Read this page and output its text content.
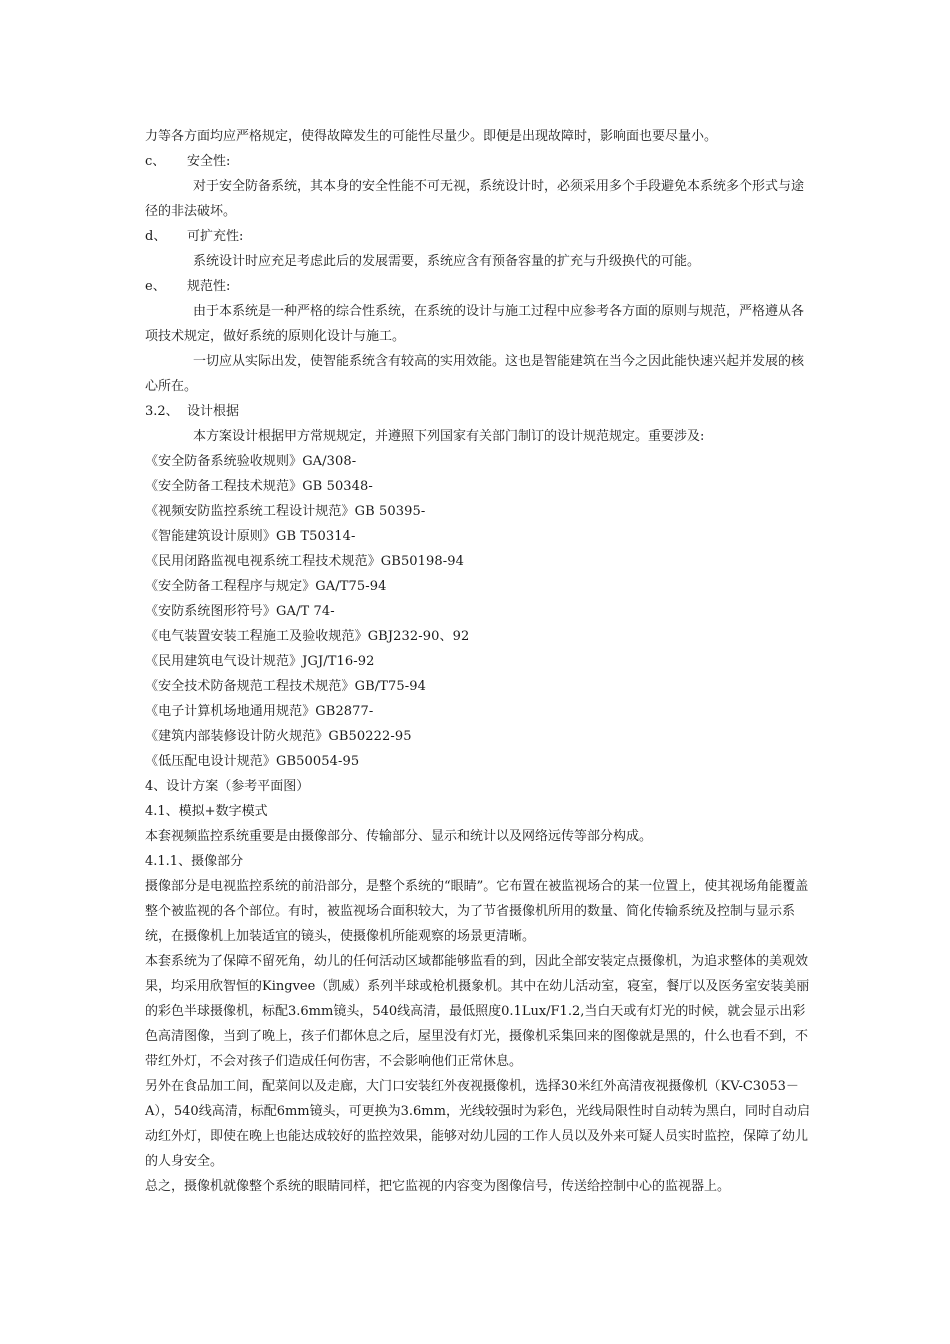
力等各方面均应严格规定，使得故障发生的可能性尽量少。即便是出现故障时，影响面也要尽量小。

c、 安全性:

对于安全防备系统，其本身的安全性能不可无视，系统设计时，必须采用多个手段避免本系统多个形式与途径的非法破坏。

d、 可扩充性:

系统设计时应充足考虑此后的发展需要，系统应含有预备容量的扩充与升级换代的可能。

e、 规范性:

由于本系统是一种严格的综合性系统，在系统的设计与施工过程中应参考各方面的原则与规范，严格遵从各项技术规定，做好系统的原则化设计与施工。

一切应从实际出发，使智能系统含有较高的实用效能。这也是智能建筑在当今之因此能快速兴起并发展的核心所在。

3.2、 设计根据

本方案设计根据甲方常规规定，并遵照下列国家有关部门制订的设计规范规定。重要涉及:

《安全防备系统验收规则》GA/308-

《安全防备工程技术规范》GB 50348-

《视频安防监控系统工程设计规范》GB 50395-

《智能建筑设计原则》GB T50314-

《民用闭路监视电视系统工程技术规范》GB50198-94

《安全防备工程程序与规定》GA/T75-94

《安防系统图形符号》GA/T 74-

《电气装置安装工程施工及验收规范》GBJ232-90、92

《民用建筑电气设计规范》JGJ/T16-92

《安全技术防备规范工程技术规范》GB/T75-94

《电子计算机场地通用规范》GB2877-

《建筑内部装修设计防火规范》GB50222-95

《低压配电设计规范》GB50054-95

4、设计方案（参考平面图）

4.1、模拟+数字模式

本套视频监控系统重要是由摄像部分、传输部分、显示和统计以及网络远传等部分构成。

4.1.1、摄像部分

摄像部分是电视监控系统的前沿部分，是整个系统的“眼睛”。它布置在被监视场合的某一位置上，使其视场角能覆盖整个被监视的各个部位。有时，被监视场合面积较大，为了节省摄像机所用的数量、简化传输系统及控制与显示系统，在摄像机上加装适宜的镜头，使摄像机所能观察的场景更清晰。

本套系统为了保障不留死角，幼儿的任何活动区域都能够监看的到，因此全部安装定点摄像机，为追求整体的美观效果，均采用欣智恒的Kingvee（凯威）系列半球或枪机摄象机。其中在幼儿活动室，寝室，餐厅以及医务室安装美丽的彩色半球摄像机，标配3.6mm镜头，540线高清，最低照度0.1Lux/F1.2,当白天或有灯光的时候，就会显示出彩色高清图像，当到了晚上，孩子们都休息之后，屋里没有灯光，摄像机采集回来的图像就是黑的，什么也看不到，不带红外灯，不会对孩子们造成任何伤害，不会影响他们正常休息。

另外在食品加工间，配菜间以及走廊，大门口安装红外夜视摄像机，选择30米红外高清夜视摄像机（KV-C3053－A），540线高清，标配6mm镜头，可更换为3.6mm，光线较强时为彩色，光线局限性时自动转为黑白，同时自动启动红外灯，即使在晚上也能达成较好的监控效果，能够对幼儿园的工作人员以及外来可疑人员实时监控，保障了幼儿的人身安全。

总之，摄像机就像整个系统的眼睛同样，把它监视的内容变为图像信号，传送给控制中心的监视器上。
